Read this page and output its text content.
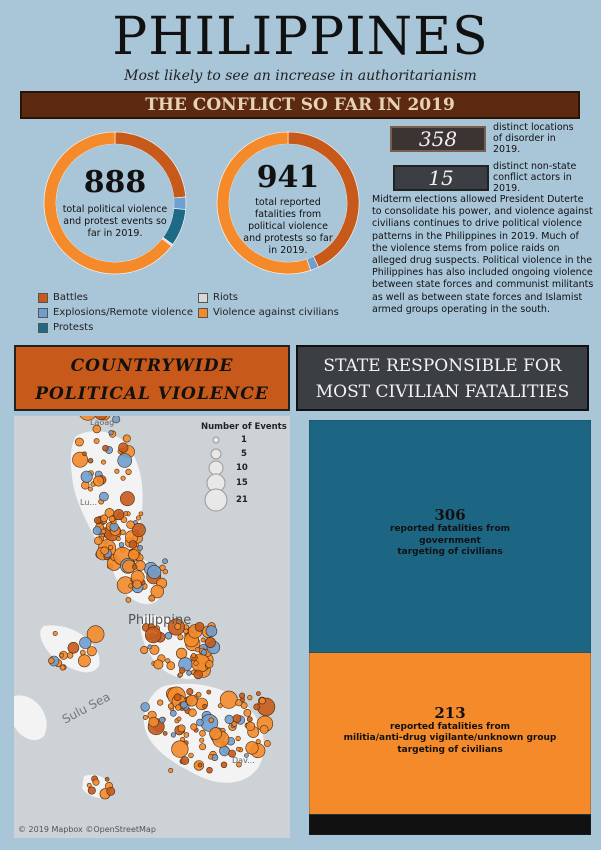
PHILIPPINES
Most likely to see an increase in authoritarianism
THE CONFLICT SO FAR IN 2019
888
total political violence
and protest events so
far in 2019.
941
total reported
fatalities from
political violence
and protests so far
in 2019.
Battles	Riots
Explosions/Remote violence Violence against civilians
Protests
358	distinct locations
of disorder in
2019.
15	distinct non-state
conflict actors in
2019.
Midterm elections allowed President Duterte to consolidate his power, and violence against civilians continues to drive political violence patterns in the Philippines in 2019. Much of the violence stems from police raids on alleged drug suspects. Political violence in the Philippines has also included ongoing violence between state forces and communist militants as well as between state forces and Islamist armed groups operating in the south.
COUNTRYWIDE
POLITICAL VIOLENCE
STATE RESPONSIBLE FOR
MOST CIVILIAN FATALITIES
Number of Events
1
5
10
15
21
Laoag
Lu...
Philippine
Sulu Sea
Dav...
© 2019 Mapbox ©OpenStreetMap
306
reported fatalities from
government
targeting of civilians
213
reported fatalities from
militia/anti-drug vigilante/unknown group
targeting of civilians
